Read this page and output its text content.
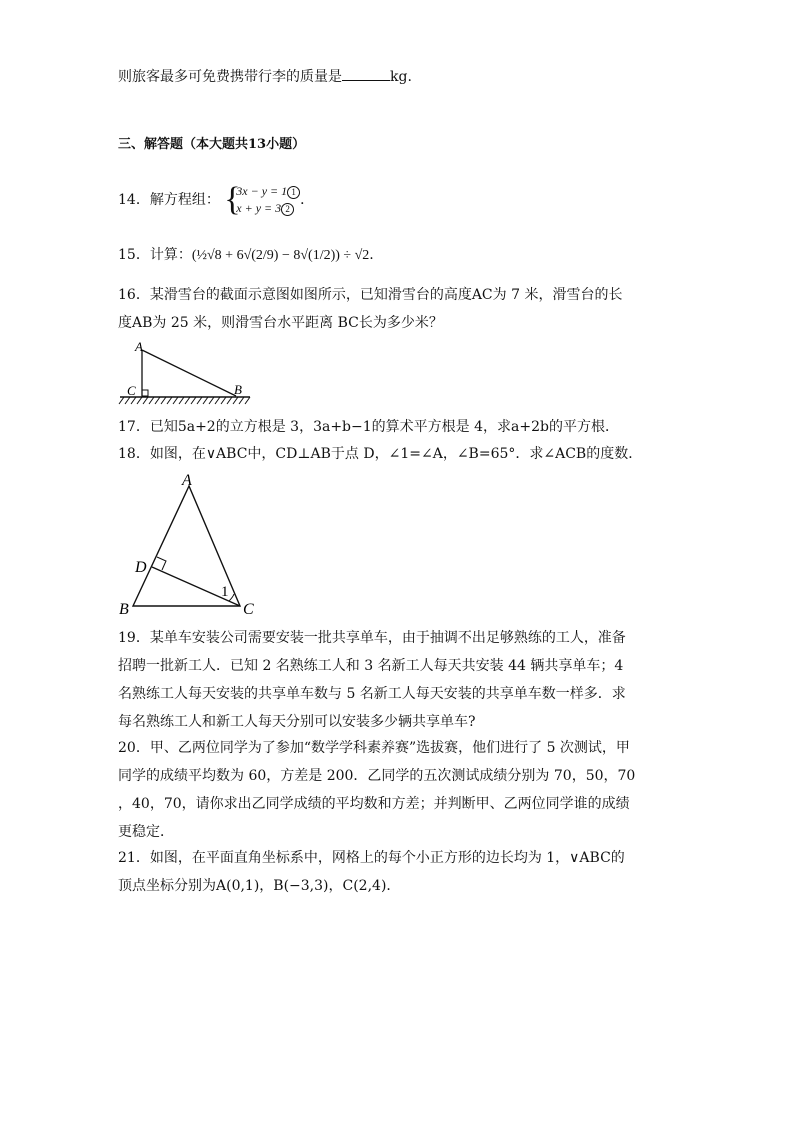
则旅客最多可免费携带行李的质量是	kg.
三、解答题（本大题共13小题）
14．解方程组： {
3x − y = 1 1
x + y = 3 2
．
15．计算：(½√8 + 6√(2/9) − 8√(1/2)) ÷ √2.
16．某滑雪台的截面示意图如图所示，已知滑雪台的高度AC为 7 米，滑雪台的长
度AB为 25 米，则滑雪台水平距离 BC长为多少米？
A
C	B
17．已知5a+2的立方根是 3，3a+b−1的算术平方根是 4，求a+2b的平方根．
18．如图，在∨ABC中，CD⊥AB于点 D，∠1=∠A，∠B=65°．求∠ACB的度数．
A
D
B	C
1
19．某单车安装公司需要安装一批共享单车，由于抽调不出足够熟练的工人，准备
招聘一批新工人．已知 2 名熟练工人和 3 名新工人每天共安装 44 辆共享单车；4
名熟练工人每天安装的共享单车数与 5 名新工人每天安装的共享单车数一样多．求
每名熟练工人和新工人每天分别可以安装多少辆共享单车?
20．甲、乙两位同学为了参加“数学学科素养赛”选拔赛，他们进行了 5 次测试，甲
同学的成绩平均数为 60，方差是 200．乙同学的五次测试成绩分别为 70，50，70
，40，70，请你求出乙同学成绩的平均数和方差；并判断甲、乙两位同学谁的成绩
更稳定．
21．如图，在平面直角坐标系中，网格上的每个小正方形的边长均为 1，∨ABC的
顶点坐标分别为A(0,1)，B(−3,3)，C(2,4)．
